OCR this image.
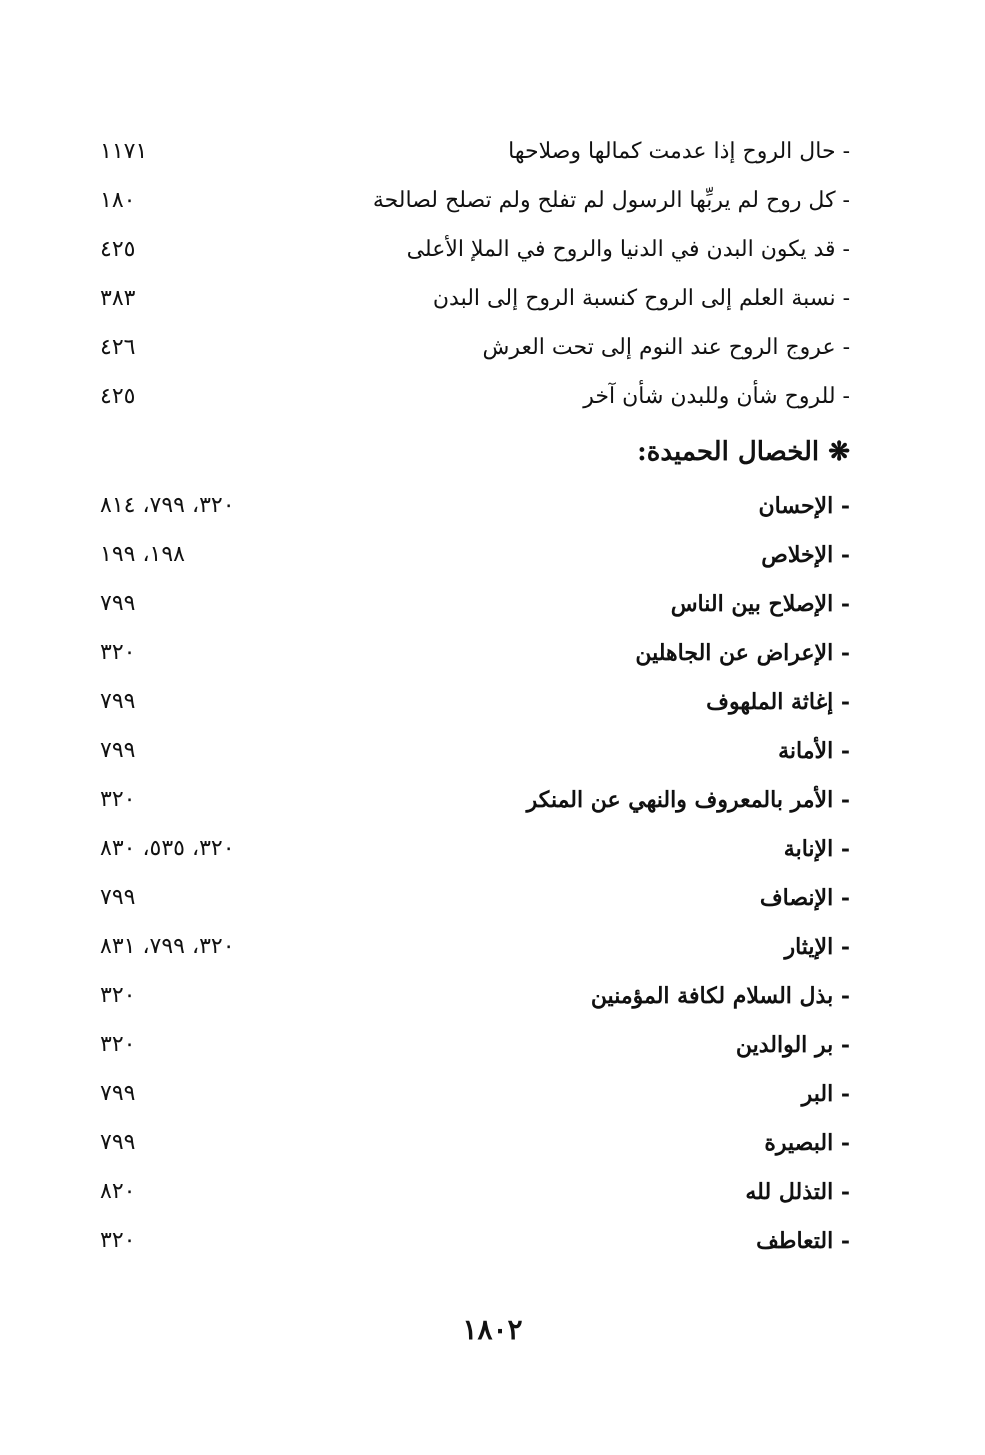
- حال الروح إذا عدمت كمالها وصلاحها
١١٧١
- كل روح لم يربِّها الرسول لم تفلح ولم تصلح لصالحة
١٨٠
- قد يكون البدن في الدنيا والروح في الملإ الأعلى
٤٢٥
- نسبة العلم إلى الروح كنسبة الروح إلى البدن
٣٨٣
- عروج الروح عند النوم إلى تحت العرش
٤٢٦
- للروح شأن وللبدن شأن آخر
٤٢٥
❋ الخصال الحميدة:
- الإحسان
٣٢٠، ٧٩٩، ٨١٤
- الإخلاص
١٩٨، ١٩٩
- الإصلاح بين الناس
٧٩٩
- الإعراض عن الجاهلين
٣٢٠
- إغاثة الملهوف
٧٩٩
- الأمانة
٧٩٩
- الأمر بالمعروف والنهي عن المنكر
٣٢٠
- الإنابة
٣٢٠، ٥٣٥، ٨٣٠
- الإنصاف
٧٩٩
- الإيثار
٣٢٠، ٧٩٩، ٨٣١
- بذل السلام لكافة المؤمنين
٣٢٠
- بر الوالدين
٣٢٠
- البر
٧٩٩
- البصيرة
٧٩٩
- التذلل لله
٨٢٠
- التعاطف
٣٢٠
١٨٠٢
